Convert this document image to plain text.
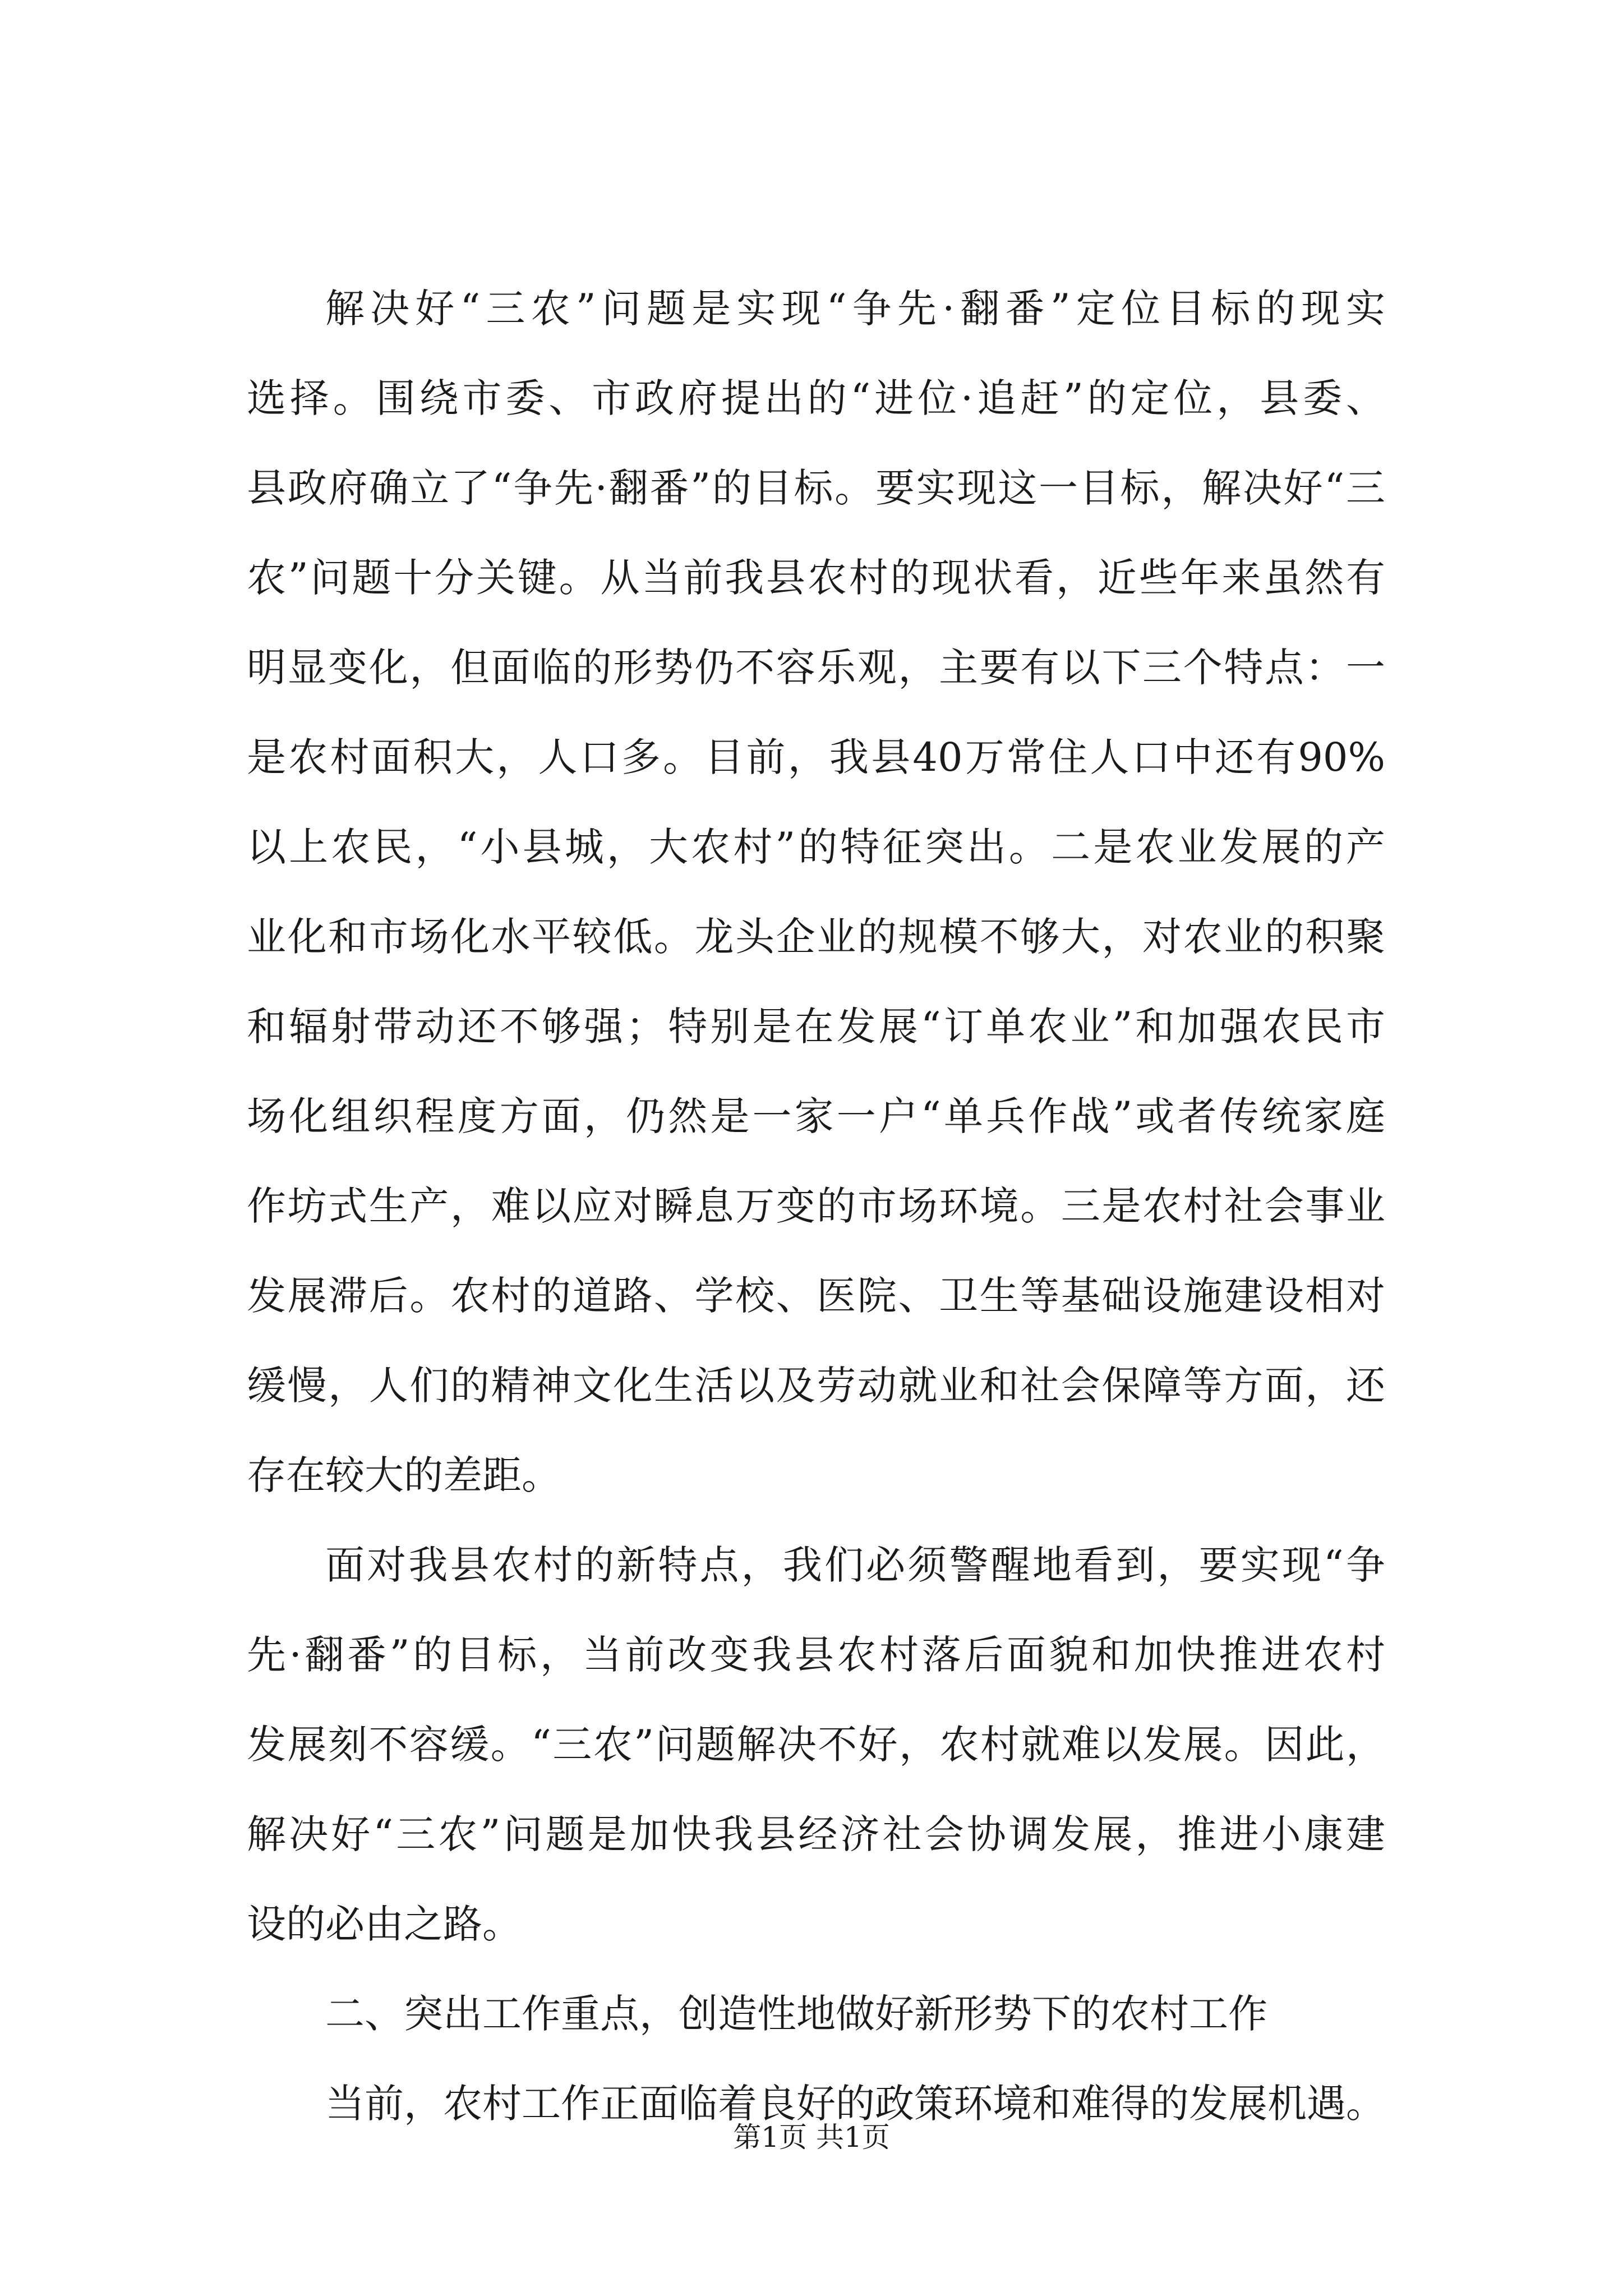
解决好“三农”问题是实现“争先·翻番”定位目标的现实
选择。围绕市委、市政府提出的“进位·追赶”的定位，县委、
县政府确立了“争先·翻番”的目标。要实现这一目标，解决好“三
农”问题十分关键。从当前我县农村的现状看，近些年来虽然有
明显变化，但面临的形势仍不容乐观，主要有以下三个特点：一
是农村面积大，人口多。目前，我县40万常住人口中还有90%
以上农民，“小县城，大农村”的特征突出。二是农业发展的产
业化和市场化水平较低。龙头企业的规模不够大，对农业的积聚
和辐射带动还不够强；特别是在发展“订单农业”和加强农民市
场化组织程度方面，仍然是一家一户“单兵作战”或者传统家庭
作坊式生产，难以应对瞬息万变的市场环境。三是农村社会事业
发展滞后。农村的道路、学校、医院、卫生等基础设施建设相对
缓慢，人们的精神文化生活以及劳动就业和社会保障等方面，还
存在较大的差距。
面对我县农村的新特点，我们必须警醒地看到，要实现“争
先·翻番”的目标，当前改变我县农村落后面貌和加快推进农村
发展刻不容缓。“三农”问题解决不好，农村就难以发展。因此，
解决好“三农”问题是加快我县经济社会协调发展，推进小康建
设的必由之路。
二、突出工作重点，创造性地做好新形势下的农村工作
当前，农村工作正面临着良好的政策环境和难得的发展机遇。
第1页 共1页
